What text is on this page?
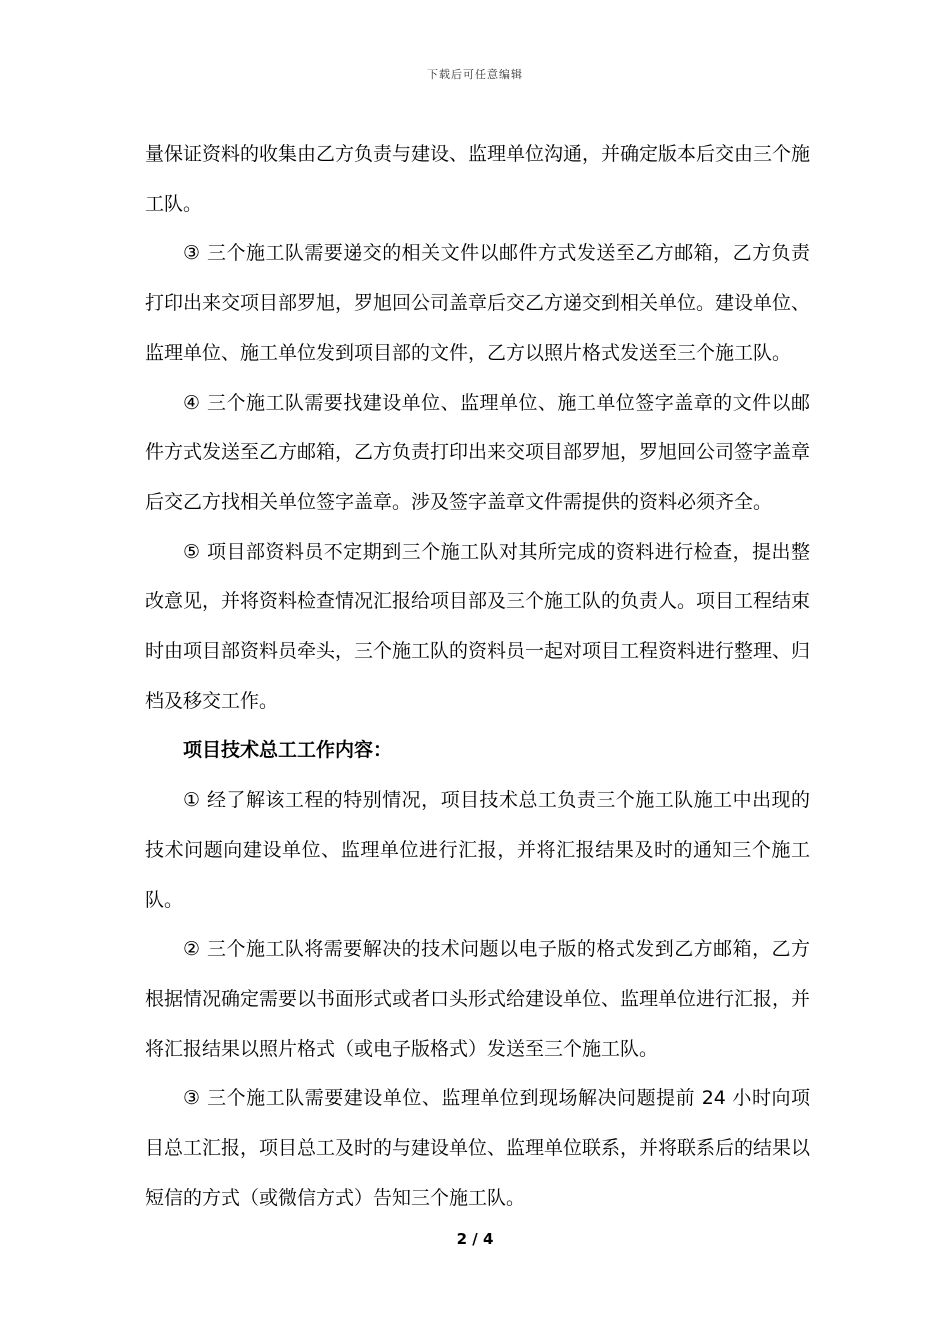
下载后可任意编辑

量保证资料的收集由乙方负责与建设、监理单位沟通，并确定版本后交由三个施工队。

③ 三个施工队需要递交的相关文件以邮件方式发送至乙方邮箱，乙方负责打印出来交项目部罗旭，罗旭回公司盖章后交乙方递交到相关单位。建设单位、监理单位、施工单位发到项目部的文件，乙方以照片格式发送至三个施工队。

④ 三个施工队需要找建设单位、监理单位、施工单位签字盖章的文件以邮件方式发送至乙方邮箱，乙方负责打印出来交项目部罗旭，罗旭回公司签字盖章后交乙方找相关单位签字盖章。涉及签字盖章文件需提供的资料必须齐全。

⑤ 项目部资料员不定期到三个施工队对其所完成的资料进行检查，提出整改意见，并将资料检查情况汇报给项目部及三个施工队的负责人。项目工程结束时由项目部资料员牵头，三个施工队的资料员一起对项目工程资料进行整理、归档及移交工作。

项目技术总工工作内容：

① 经了解该工程的特别情况，项目技术总工负责三个施工队施工中出现的技术问题向建设单位、监理单位进行汇报，并将汇报结果及时的通知三个施工队。

② 三个施工队将需要解决的技术问题以电子版的格式发到乙方邮箱，乙方根据情况确定需要以书面形式或者口头形式给建设单位、监理单位进行汇报，并将汇报结果以照片格式（或电子版格式）发送至三个施工队。

③ 三个施工队需要建设单位、监理单位到现场解决问题提前 24 小时向项目总工汇报，项目总工及时的与建设单位、监理单位联系，并将联系后的结果以短信的方式（或微信方式）告知三个施工队。

2 / 4
